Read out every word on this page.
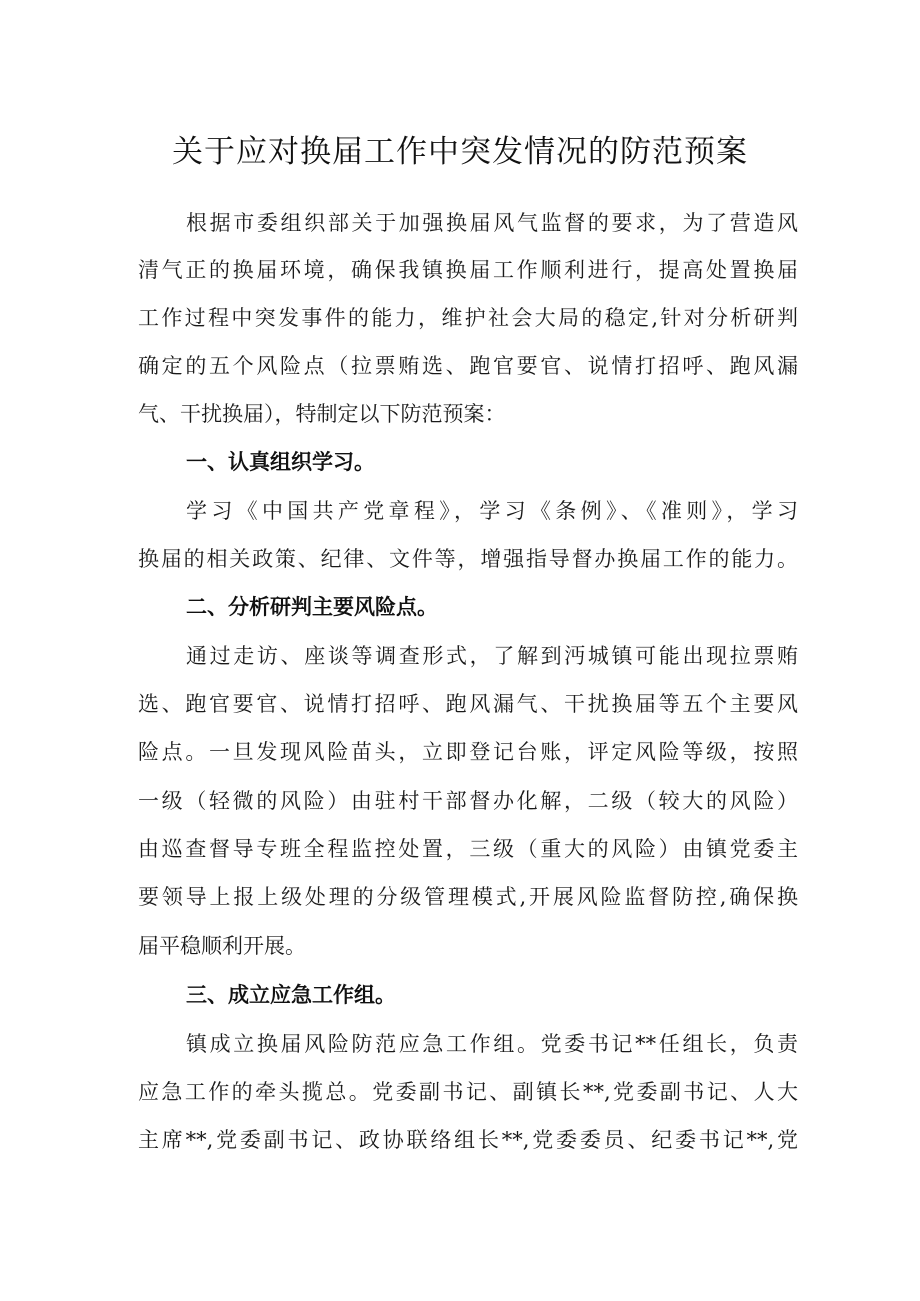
关于应对换届工作中突发情况的防范预案
根据市委组织部关于加强换届风气监督的要求，为了营造风
清气正的换届环境，确保我镇换届工作顺利进行，提高处置换届
工作过程中突发事件的能力，维护社会大局的稳定,针对分析研判
确定的五个风险点（拉票贿选、跑官要官、说情打招呼、跑风漏
气、干扰换届），特制定以下防范预案：
一、认真组织学习。
学习《中国共产党章程》，学习《条例》、《准则》，学习
换届的相关政策、纪律、文件等，增强指导督办换届工作的能力。
二、分析研判主要风险点。
通过走访、座谈等调查形式，了解到沔城镇可能出现拉票贿
选、跑官要官、说情打招呼、跑风漏气、干扰换届等五个主要风
险点。一旦发现风险苗头，立即登记台账，评定风险等级，按照
一级（轻微的风险）由驻村干部督办化解，二级（较大的风险）
由巡查督导专班全程监控处置，三级（重大的风险）由镇党委主
要领导上报上级处理的分级管理模式,开展风险监督防控,确保换
届平稳顺利开展。
三、成立应急工作组。
镇成立换届风险防范应急工作组。党委书记**任组长，负责
应急工作的牵头揽总。党委副书记、副镇长**,党委副书记、人大
主席**,党委副书记、政协联络组长**,党委委员、纪委书记**,党
